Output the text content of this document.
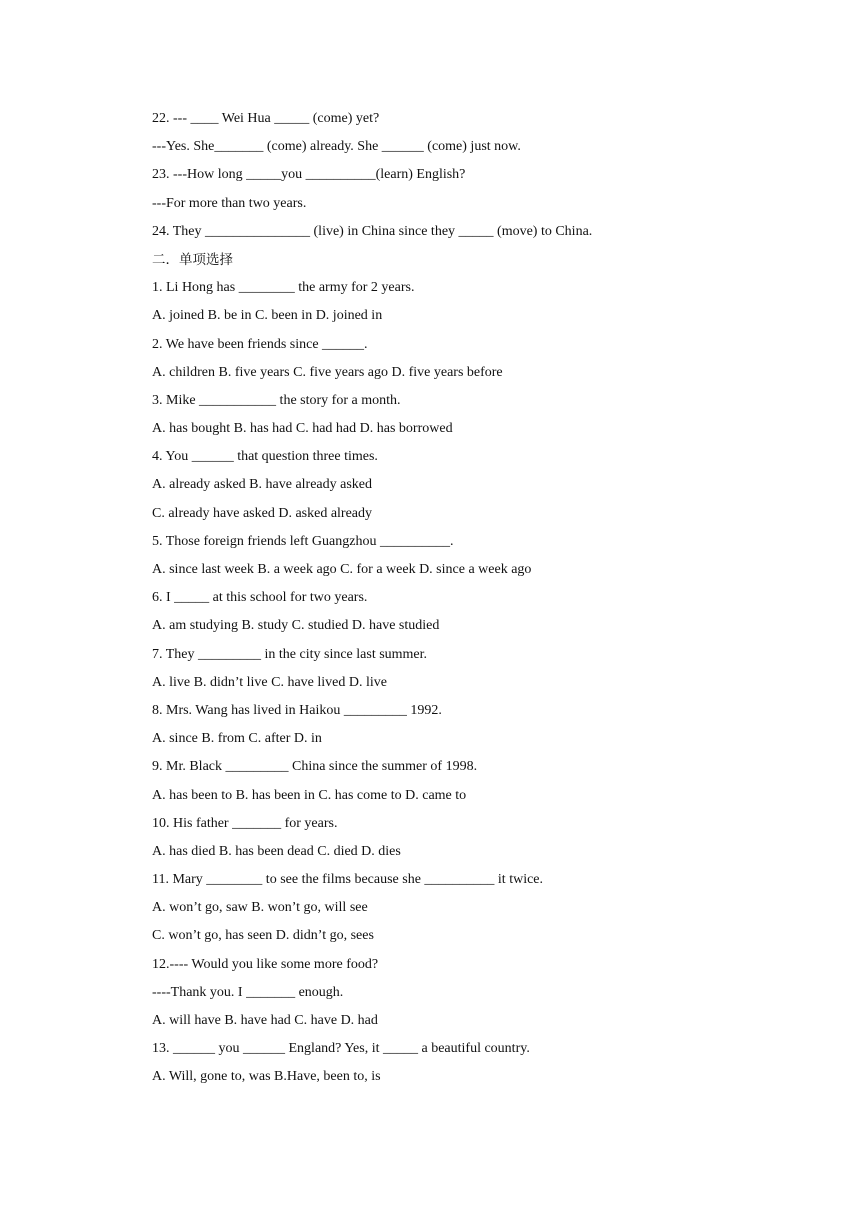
22. --- ____ Wei Hua _____ (come) yet?
---Yes. She_______ (come) already. She ______ (come) just now.
23. ---How long _____you __________(learn) English?
---For more than two years.
24. They _______________ (live) in China since they _____ (move) to China.
二．单项选择
1. Li Hong has ________ the army for 2 years.
A. joined B. be in C. been in D. joined in
2. We have been friends since ______.
A. children B. five years C. five years ago D. five years before
3. Mike ___________ the story for a month.
A. has bought B. has had C. had had D. has borrowed
4. You ______ that question three times.
A. already asked B. have already asked
C. already have asked D. asked already
5. Those foreign friends left Guangzhou __________.
A. since last week B. a week ago C. for a week D. since a week ago
6. I _____ at this school for two years.
A. am studying B. study C. studied D. have studied
7. They _________ in the city since last summer.
A. live B. didn’t live C. have lived D. live
8. Mrs. Wang has lived in Haikou _________ 1992.
A. since B. from C. after D. in
9. Mr. Black _________ China since the summer of 1998.
A. has been to B. has been in C. has come to D. came to
10. His father _______ for years.
A. has died B. has been dead C. died D. dies
11. Mary ________ to see the films because she __________ it twice.
A. won’t go, saw B. won’t go, will see
C. won’t go, has seen D. didn’t go, sees
12.---- Would you like some more food?
----Thank you. I _______ enough.
A. will have B. have had C. have D. had
13. ______ you ______ England? Yes, it _____ a beautiful country.
A. Will, gone to, was B.Have, been to, is
